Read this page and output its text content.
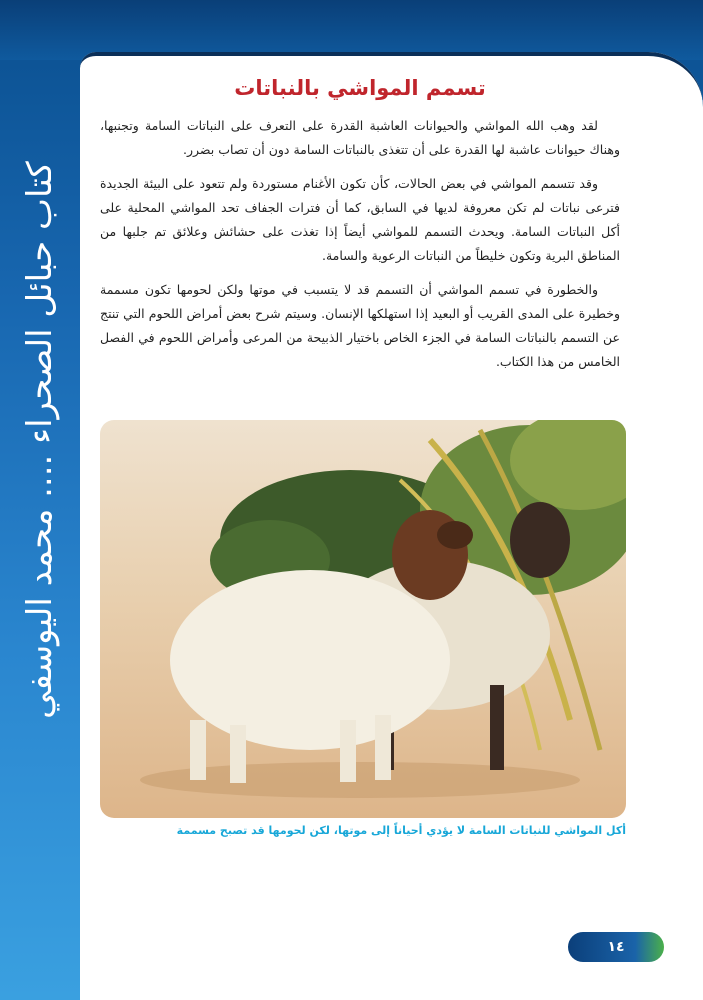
كتاب حبائل الصحراء .... محمد اليوسفي
تسمم المواشي بالنباتات

لقد وهب الله المواشي والحيوانات العاشبة القدرة على التعرف على النباتات السامة وتجنبها، وهناك حيوانات عاشبة لها القدرة على أن تتغذى بالنباتات السامة دون أن تصاب بضرر.

وقد تتسمم المواشي في بعض الحالات، كأن تكون الأغنام مستوردة ولم تتعود على البيئة الجديدة فترعى نباتات لم تكن معروفة لديها في السابق، كما أن فترات الجفاف تحد المواشي المحلية على أكل النباتات السامة. ويحدث التسمم للمواشي أيضاً إذا تغذت على حشائش وعلائق تم جلبها من المناطق البرية وتكون خليطاً من النباتات الرعوية والسامة.

والخطورة في تسمم المواشي أن التسمم قد لا يتسبب في موتها ولكن لحومها تكون مسممة وخطيرة على المدى القريب أو البعيد إذا استهلكها الإنسان. وسيتم شرح بعض أمراض اللحوم التي تنتج عن التسمم بالنباتات السامة في الجزء الخاص باختيار الذبيحة من المرعى وأمراض اللحوم في الفصل الخامس من هذا الكتاب.

أكل المواشي للنباتات السامة لا يؤدي أحياناً إلى موتها، لكن لحومها قد تصبح مسممة
١٤
